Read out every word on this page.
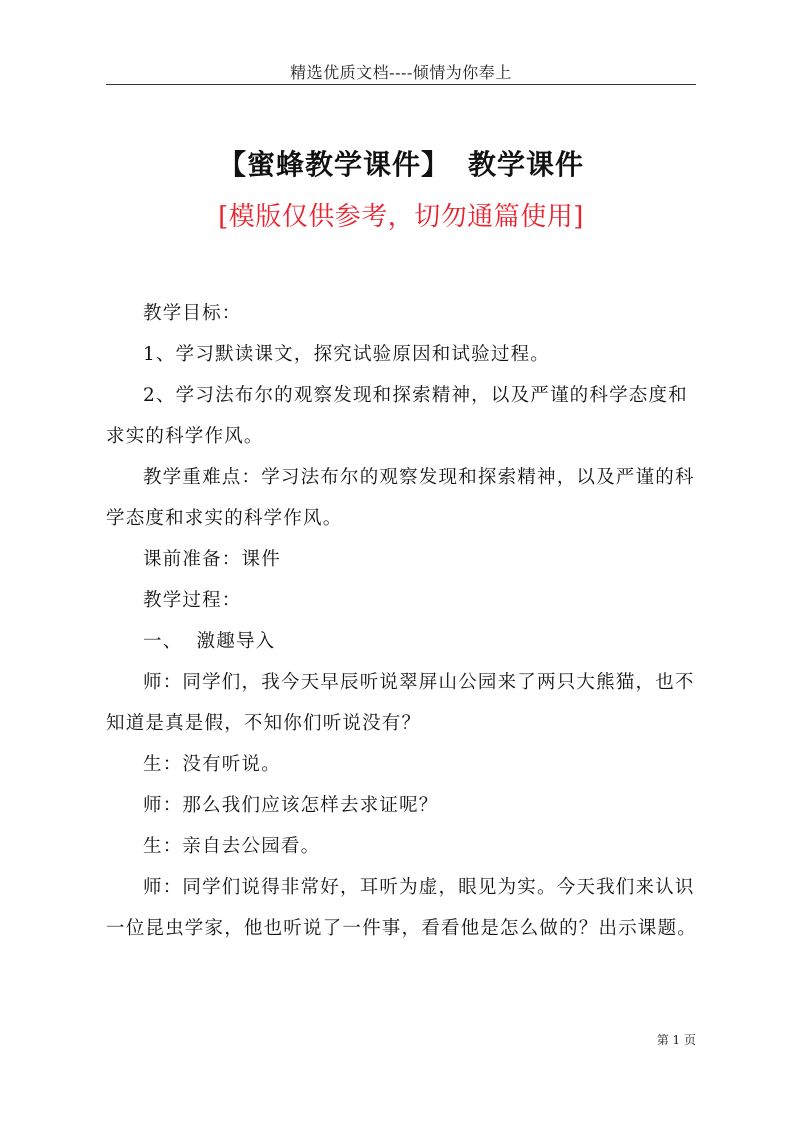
精选优质文档----倾情为你奉上
【蜜蜂教学课件】 教学课件
[模版仅供参考，切勿通篇使用]

教学目标：

1、学习默读课文，探究试验原因和试验过程。

2、学习法布尔的观察发现和探索精神，以及严谨的科学态度和求实的科学作风。

教学重难点：学习法布尔的观察发现和探索精神，以及严谨的科学态度和求实的科学作风。

课前准备：课件

教学过程：

一、  激趣导入

师：同学们，我今天早辰听说翠屏山公园来了两只大熊猫，也不知道是真是假，不知你们听说没有？

生：没有听说。

师：那么我们应该怎样去求证呢？

生：亲自去公园看。

师：同学们说得非常好，耳听为虚，眼见为实。今天我们来认识一位昆虫学家，他也听说了一件事，看看他是怎么做的？出示课题。

第 1 页
